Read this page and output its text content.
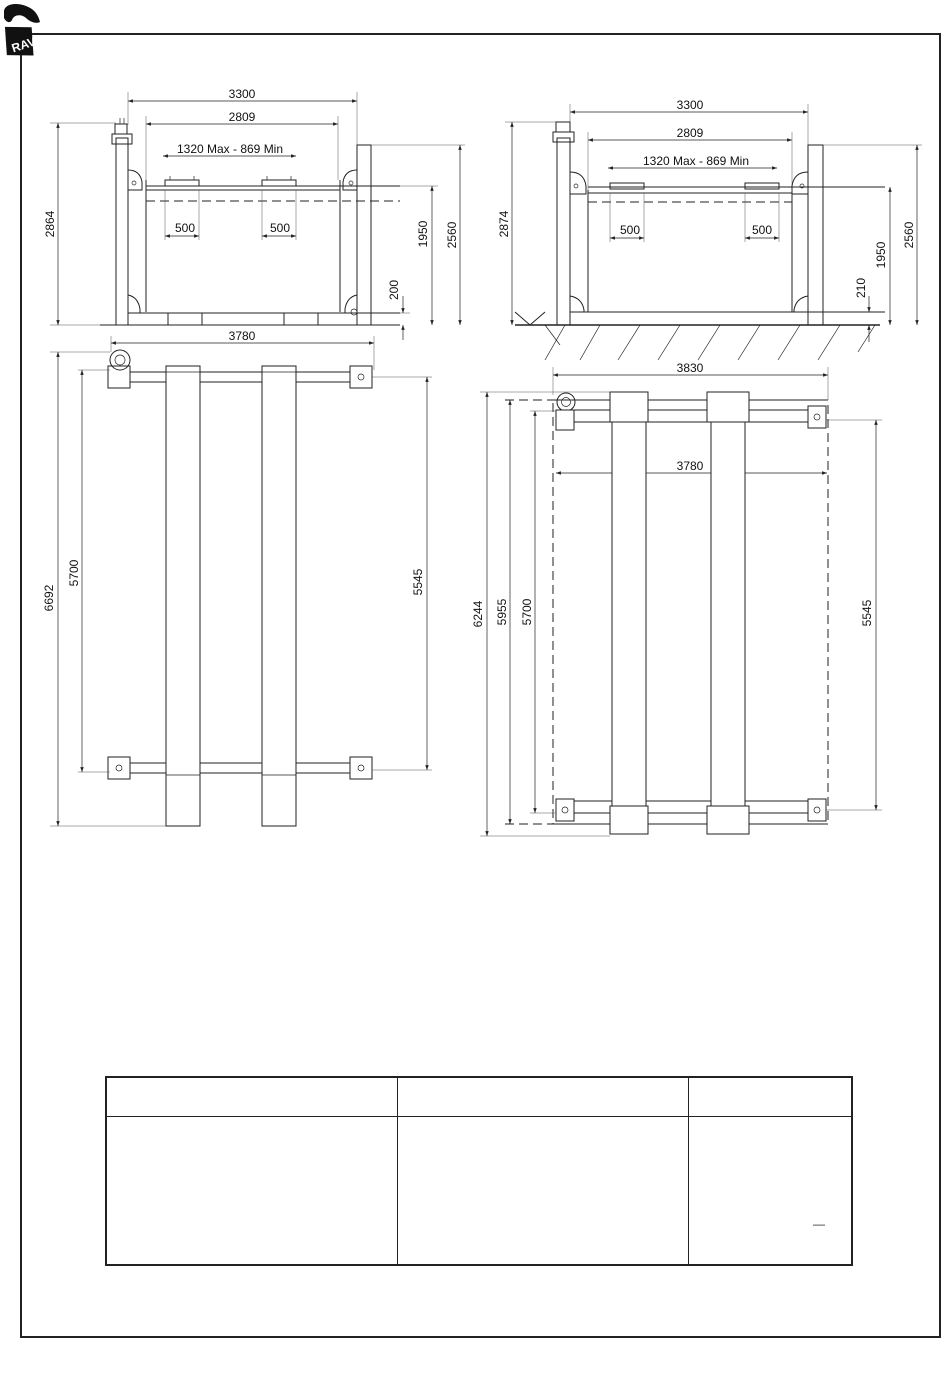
RAV
3300
2809
1320 Max - 869 Min
500	500
2864	1950 2560
200
3300
2809
1320 Max - 869 Min
500	500
2874
1950
2560
210
3780
6692
5700	5545
3830
3780
6244 5955 5700	5545

		—
